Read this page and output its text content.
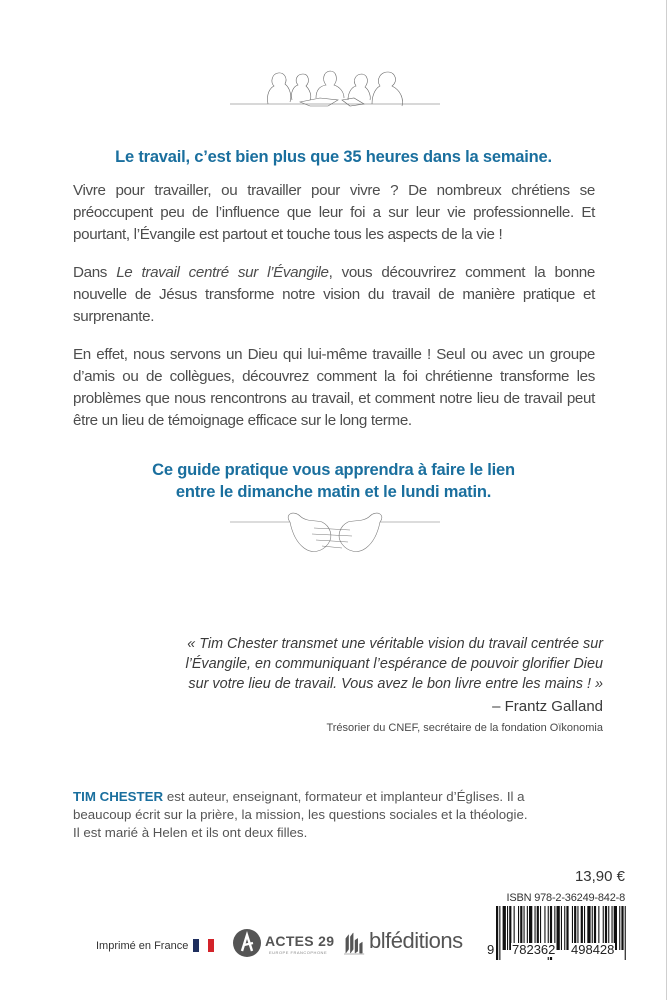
Le travail, c’est bien plus que 35 heures dans la semaine.
Vivre pour travailler, ou travailler pour vivre ? De nombreux chrétiens se préoccupent peu de l’influence que leur foi a sur leur vie professionnelle. Et pourtant, l’Évangile est partout et touche tous les aspects de la vie !
Dans Le travail centré sur l’Évangile, vous découvrirez comment la bonne nouvelle de Jésus transforme notre vision du travail de manière pratique et surprenante.
En effet, nous servons un Dieu qui lui-même travaille ! Seul ou avec un groupe d’amis ou de collègues, découvrez comment la foi chrétienne transforme les problèmes que nous rencontrons au travail, et comment notre lieu de travail peut être un lieu de témoignage efficace sur le long terme.
Ce guide pratique vous apprendra à faire le lien
entre le dimanche matin et le lundi matin.
« Tim Chester transmet une véritable vision du travail centrée sur
l’Évangile, en communiquant l’espérance de pouvoir glorifier Dieu
sur votre lieu de travail. Vous avez le bon livre entre les mains ! »
– Frantz Galland
Trésorier du CNEF, secrétaire de la fondation Oïkonomia
TIM CHESTER est auteur, enseignant, formateur et implanteur d’Églises. Il a beaucoup écrit sur la prière, la mission, les questions sociales et la théologie. Il est marié à Helen et ils ont deux filles.
13,90 €
ISBN 978-2-36249-842-8
9 782362 498428
Imprimé en France	ACTES 29
EUROPE FRANCOPHONE blféditions
